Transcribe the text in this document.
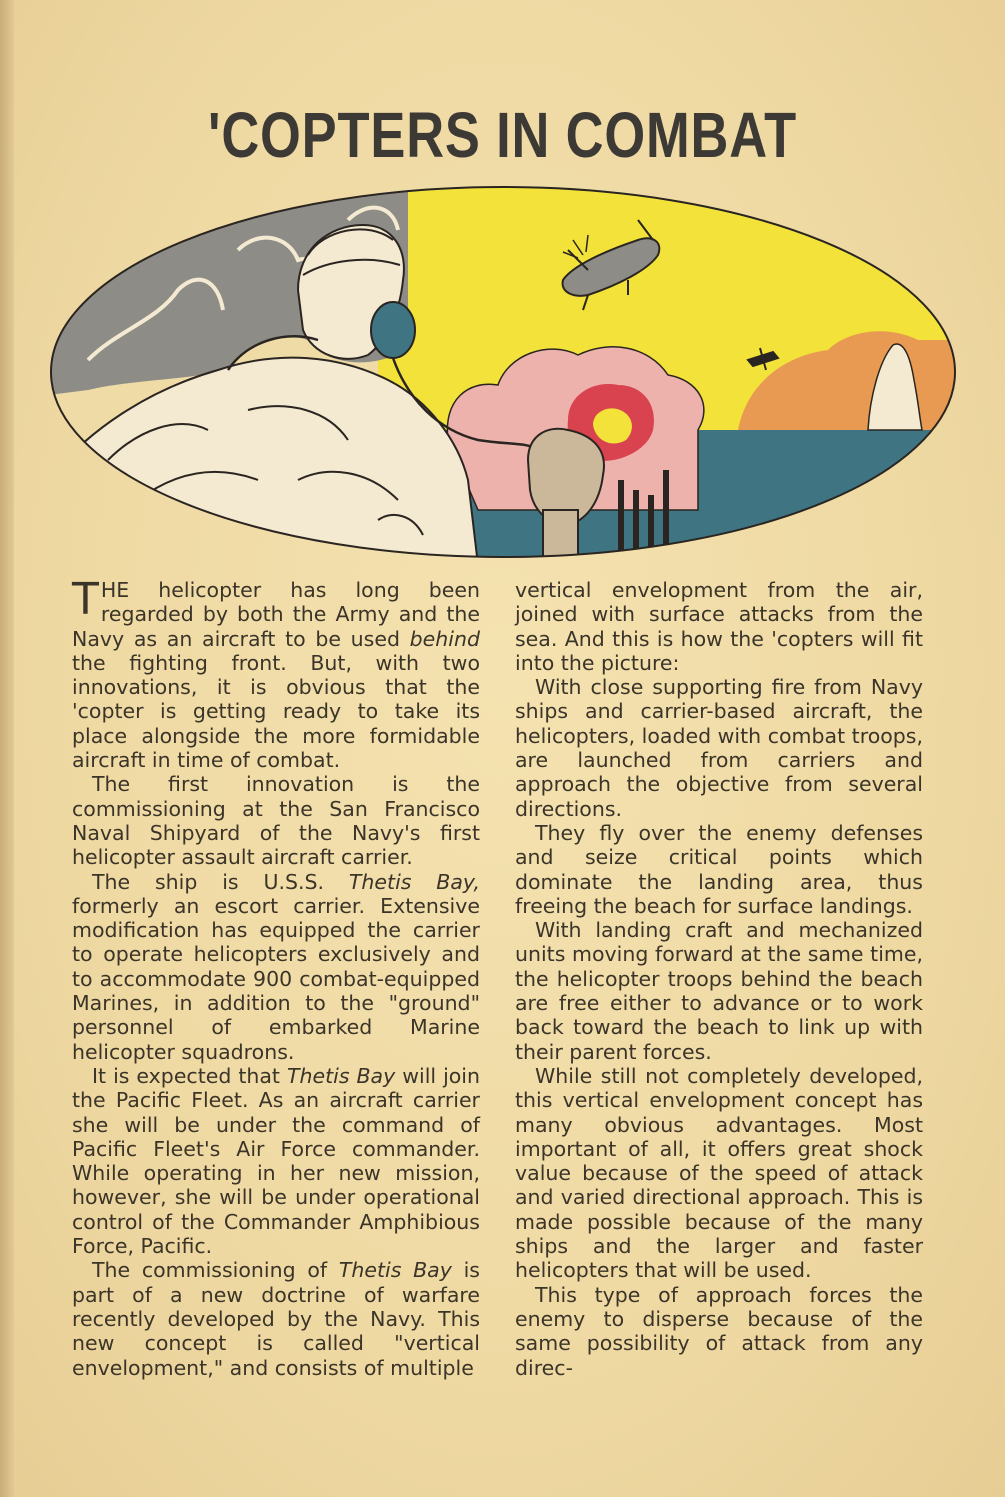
'COPTERS IN COMBAT

THE helicopter has long been regarded by both the Army and the Navy as an aircraft to be used behind the fighting front. But, with two innovations, it is obvious that the 'copter is getting ready to take its place alongside the more formidable aircraft in time of combat.

The first innovation is the commissioning at the San Francisco Naval Shipyard of the Navy's first helicopter assault aircraft carrier.

The ship is U.S.S. Thetis Bay, formerly an escort carrier. Extensive modification has equipped the carrier to operate helicopters exclusively and to accommodate 900 combat-equipped Marines, in addition to the "ground" personnel of embarked Marine helicopter squadrons.

It is expected that Thetis Bay will join the Pacific Fleet. As an aircraft carrier she will be under the command of Pacific Fleet's Air Force commander. While operating in her new mission, however, she will be under operational control of the Commander Amphibious Force, Pacific.

The commissioning of Thetis Bay is part of a new doctrine of warfare recently developed by the Navy. This new concept is called "vertical envelopment," and consists of multiple

vertical envelopment from the air, joined with surface attacks from the sea. And this is how the 'copters will fit into the picture:

With close supporting fire from Navy ships and carrier-based aircraft, the helicopters, loaded with combat troops, are launched from carriers and approach the objective from several directions.

They fly over the enemy defenses and seize critical points which dominate the landing area, thus freeing the beach for surface landings.

With landing craft and mechanized units moving forward at the same time, the helicopter troops behind the beach are free either to advance or to work back toward the beach to link up with their parent forces.

While still not completely developed, this vertical envelopment concept has many obvious advantages. Most important of all, it offers great shock value because of the speed of attack and varied directional approach. This is made possible because of the many ships and the larger and faster helicopters that will be used.

This type of approach forces the enemy to disperse because of the same possibility of attack from any direc-
